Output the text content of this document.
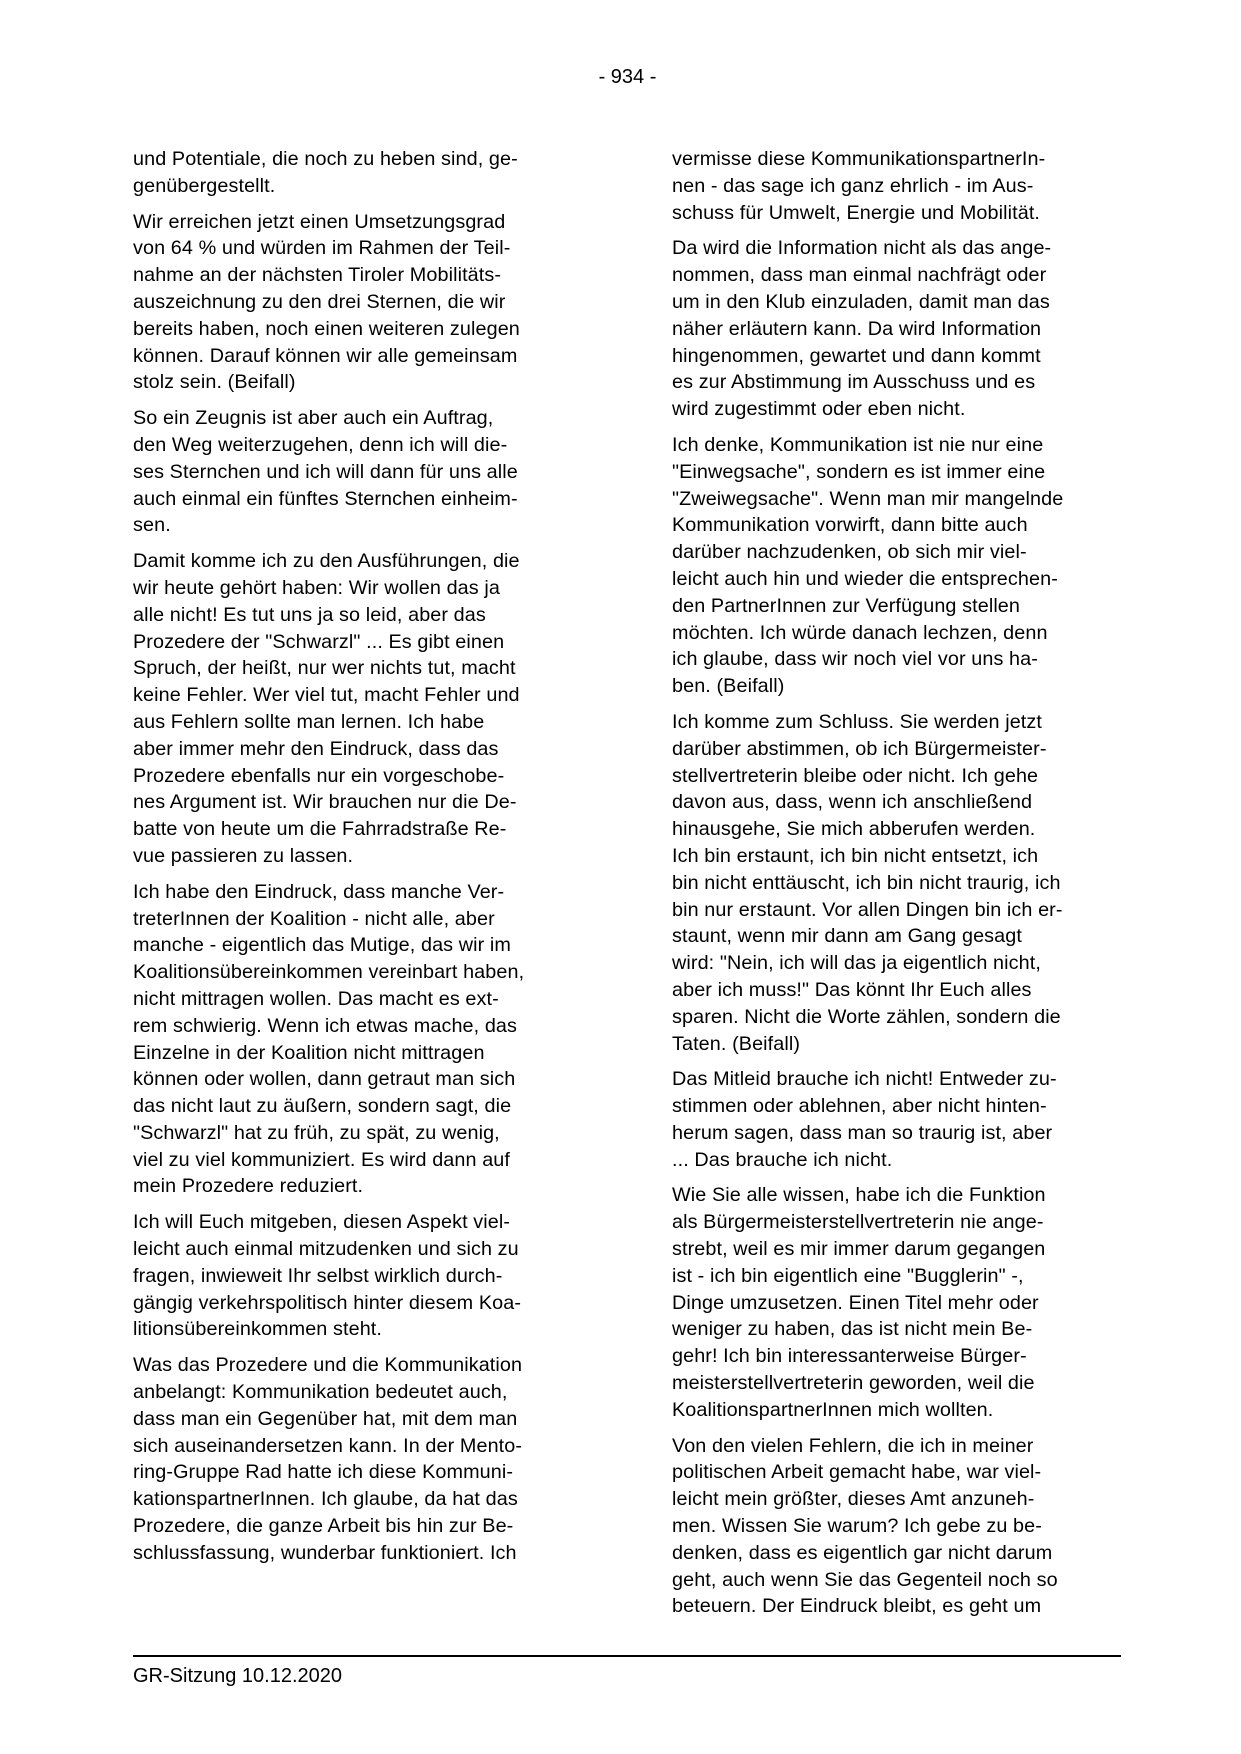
- 934 -

und Potentiale, die noch zu heben sind, ge-
genübergestellt.

Wir erreichen jetzt einen Umsetzungsgrad
von 64 % und würden im Rahmen der Teil-
nahme an der nächsten Tiroler Mobilitäts-
auszeichnung zu den drei Sternen, die wir
bereits haben, noch einen weiteren zulegen
können. Darauf können wir alle gemeinsam
stolz sein. (Beifall)

So ein Zeugnis ist aber auch ein Auftrag,
den Weg weiterzugehen, denn ich will die-
ses Sternchen und ich will dann für uns alle
auch einmal ein fünftes Sternchen einheim-
sen.

Damit komme ich zu den Ausführungen, die
wir heute gehört haben: Wir wollen das ja
alle nicht! Es tut uns ja so leid, aber das
Prozedere der "Schwarzl" ... Es gibt einen
Spruch, der heißt, nur wer nichts tut, macht
keine Fehler. Wer viel tut, macht Fehler und
aus Fehlern sollte man lernen. Ich habe
aber immer mehr den Eindruck, dass das
Prozedere ebenfalls nur ein vorgeschobe-
nes Argument ist. Wir brauchen nur die De-
batte von heute um die Fahrradstraße Re-
vue passieren zu lassen.

Ich habe den Eindruck, dass manche Ver-
treterInnen der Koalition - nicht alle, aber
manche - eigentlich das Mutige, das wir im
Koalitionsübereinkommen vereinbart haben,
nicht mittragen wollen. Das macht es ext-
rem schwierig. Wenn ich etwas mache, das
Einzelne in der Koalition nicht mittragen
können oder wollen, dann getraut man sich
das nicht laut zu äußern, sondern sagt, die
"Schwarzl" hat zu früh, zu spät, zu wenig,
viel zu viel kommuniziert. Es wird dann auf
mein Prozedere reduziert.

Ich will Euch mitgeben, diesen Aspekt viel-
leicht auch einmal mitzudenken und sich zu
fragen, inwieweit Ihr selbst wirklich durch-
gängig verkehrspolitisch hinter diesem Koa-
litionsübereinkommen steht.

Was das Prozedere und die Kommunikation
anbelangt: Kommunikation bedeutet auch,
dass man ein Gegenüber hat, mit dem man
sich auseinandersetzen kann. In der Mento-
ring-Gruppe Rad hatte ich diese Kommuni-
kationspartnerInnen. Ich glaube, da hat das
Prozedere, die ganze Arbeit bis hin zur Be-
schlussfassung, wunderbar funktioniert. Ich

vermisse diese KommunikationspartnerIn-
nen - das sage ich ganz ehrlich - im Aus-
schuss für Umwelt, Energie und Mobilität.

Da wird die Information nicht als das ange-
nommen, dass man einmal nachfrägt oder
um in den Klub einzuladen, damit man das
näher erläutern kann. Da wird Information
hingenommen, gewartet und dann kommt
es zur Abstimmung im Ausschuss und es
wird zugestimmt oder eben nicht.

Ich denke, Kommunikation ist nie nur eine
"Einwegsache", sondern es ist immer eine
"Zweiwegsache". Wenn man mir mangelnde
Kommunikation vorwirft, dann bitte auch
darüber nachzudenken, ob sich mir viel-
leicht auch hin und wieder die entsprechen-
den PartnerInnen zur Verfügung stellen
möchten. Ich würde danach lechzen, denn
ich glaube, dass wir noch viel vor uns ha-
ben. (Beifall)

Ich komme zum Schluss. Sie werden jetzt
darüber abstimmen, ob ich Bürgermeister-
stellvertreterin bleibe oder nicht. Ich gehe
davon aus, dass, wenn ich anschließend
hinausgehe, Sie mich abberufen werden.
Ich bin erstaunt, ich bin nicht entsetzt, ich
bin nicht enttäuscht, ich bin nicht traurig, ich
bin nur erstaunt. Vor allen Dingen bin ich er-
staunt, wenn mir dann am Gang gesagt
wird: "Nein, ich will das ja eigentlich nicht,
aber ich muss!" Das könnt Ihr Euch alles
sparen. Nicht die Worte zählen, sondern die
Taten. (Beifall)

Das Mitleid brauche ich nicht! Entweder zu-
stimmen oder ablehnen, aber nicht hinten-
herum sagen, dass man so traurig ist, aber
... Das brauche ich nicht.

Wie Sie alle wissen, habe ich die Funktion
als Bürgermeisterstellvertreterin nie ange-
strebt, weil es mir immer darum gegangen
ist - ich bin eigentlich eine "Bugglerin" -,
Dinge umzusetzen. Einen Titel mehr oder
weniger zu haben, das ist nicht mein Be-
gehr! Ich bin interessanterweise Bürger-
meisterstellvertreterin geworden, weil die
KoalitionspartnerInnen mich wollten.

Von den vielen Fehlern, die ich in meiner
politischen Arbeit gemacht habe, war viel-
leicht mein größter, dieses Amt anzuneh-
men. Wissen Sie warum? Ich gebe zu be-
denken, dass es eigentlich gar nicht darum
geht, auch wenn Sie das Gegenteil noch so
beteuern. Der Eindruck bleibt, es geht um

GR-Sitzung 10.12.2020
